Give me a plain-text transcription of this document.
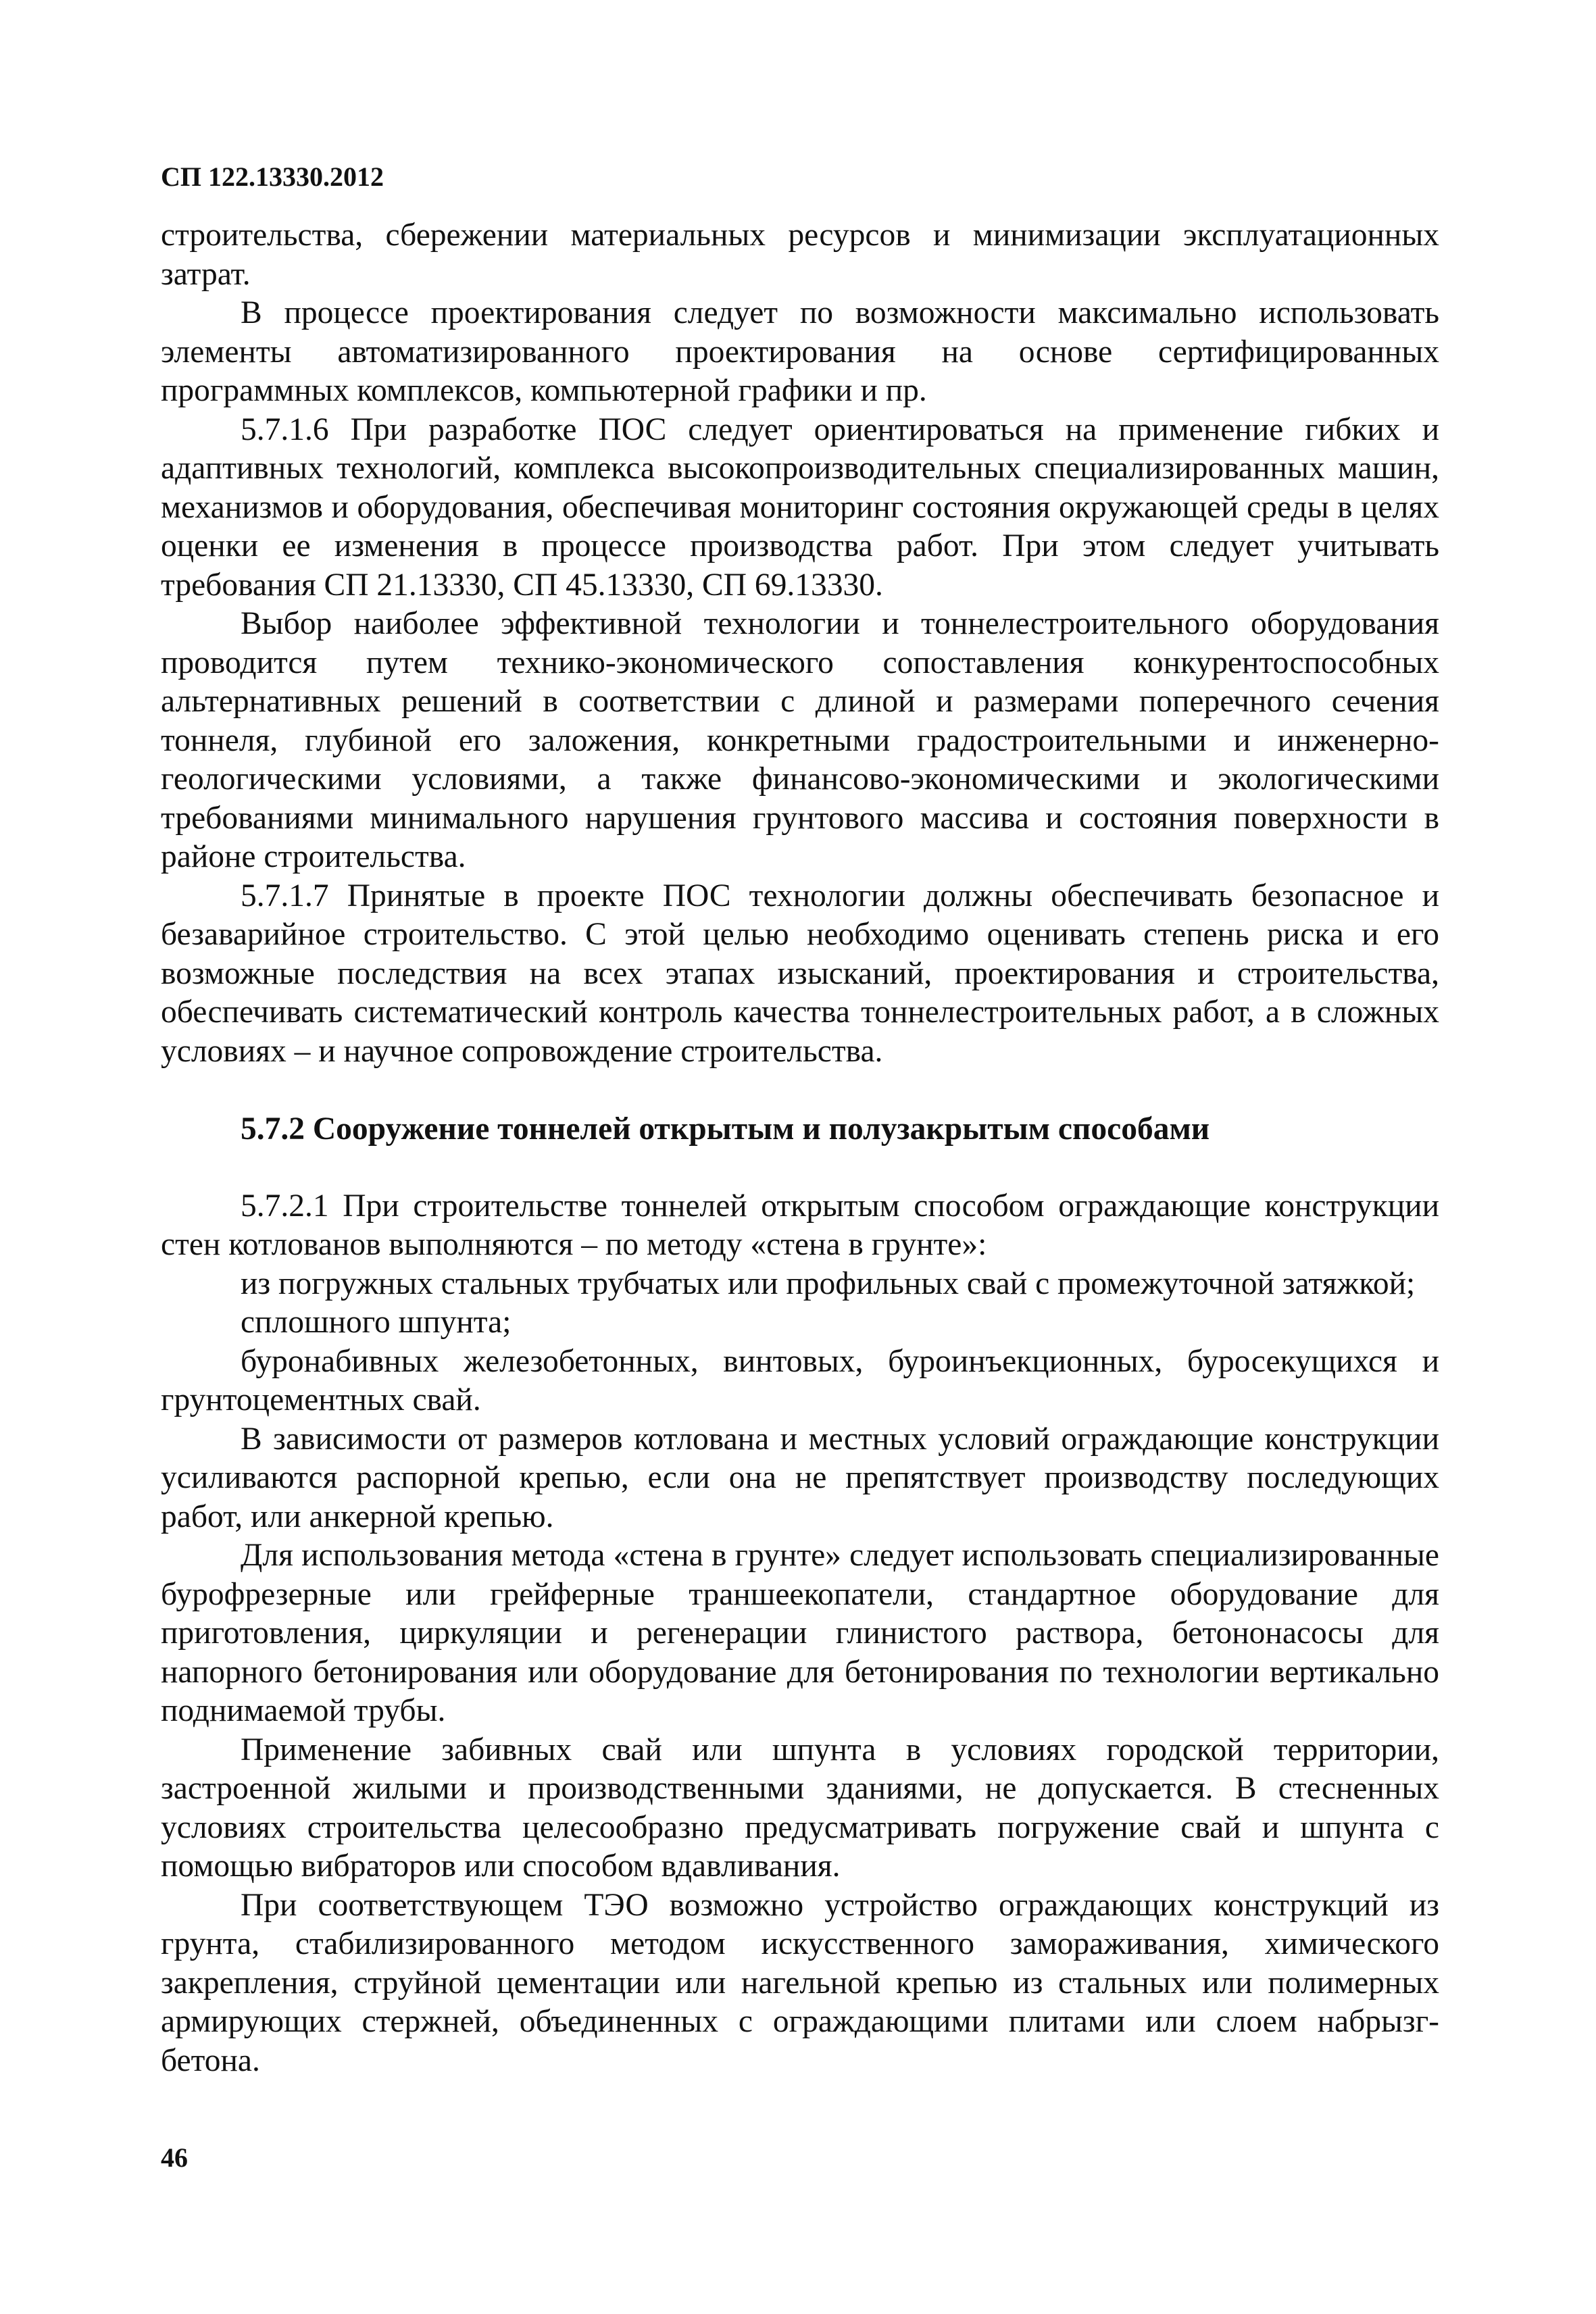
СП 122.13330.2012

строительства, сбережении материальных ресурсов и минимизации эксплуатационных затрат.

В процессе проектирования следует по возможности максимально использовать элементы автоматизированного проектирования на основе сертифицированных программных комплексов, компьютерной графики и пр.

5.7.1.6 При разработке ПОС следует ориентироваться на применение гибких и адаптивных технологий, комплекса высокопроизводительных специализированных машин, механизмов и оборудования, обеспечивая мониторинг состояния окружающей среды в целях оценки ее изменения в процессе производства работ. При этом следует учитывать требования СП 21.13330, СП 45.13330, СП 69.13330.

Выбор наиболее эффективной технологии и тоннелестроительного оборудования проводится путем технико-экономического сопоставления конкурентоспособных альтернативных решений в соответствии с длиной и размерами поперечного сечения тоннеля, глубиной его заложения, конкретными градостроительными и инженерно-геологическими условиями, а также финансово-экономическими и экологическими требованиями минимального нарушения грунтового массива и состояния поверхности в районе строительства.

5.7.1.7 Принятые в проекте ПОС технологии должны обеспечивать безопасное и безаварийное строительство. С этой целью необходимо оценивать степень риска и его возможные последствия на всех этапах изысканий, проектирования и строительства, обеспечивать систематический контроль качества тоннелестроительных работ, а в сложных условиях – и научное сопровождение строительства.

5.7.2 Сооружение тоннелей открытым и полузакрытым способами

5.7.2.1 При строительстве тоннелей открытым способом ограждающие конструкции стен котлованов выполняются – по методу «стена в грунте»:

из погружных стальных трубчатых или профильных свай с промежуточной затяжкой;

сплошного шпунта;

буронабивных железобетонных, винтовых, буроинъекционных, буросекущихся и грунтоцементных свай.

В зависимости от размеров котлована и местных условий ограждающие конструкции усиливаются распорной крепью, если она не препятствует производству последующих работ, или анкерной крепью.

Для использования метода «стена в грунте» следует использовать специализированные бурофрезерные или грейферные траншеекопатели, стандартное оборудование для приготовления, циркуляции и регенерации глинистого раствора, бетононасосы для напорного бетонирования или оборудование для бетонирования по технологии вертикально поднимаемой трубы.

Применение забивных свай или шпунта в условиях городской территории, застроенной жилыми и производственными зданиями, не допускается. В стесненных условиях строительства целесообразно предусматривать погружение свай и шпунта с помощью вибраторов или способом вдавливания.

При соответствующем ТЭО возможно устройство ограждающих конструкций из грунта, стабилизированного методом искусственного замораживания, химического закрепления, струйной цементации или нагельной крепью из стальных или полимерных армирующих стержней, объединенных с ограждающими плитами или слоем набрызг-бетона.

46
